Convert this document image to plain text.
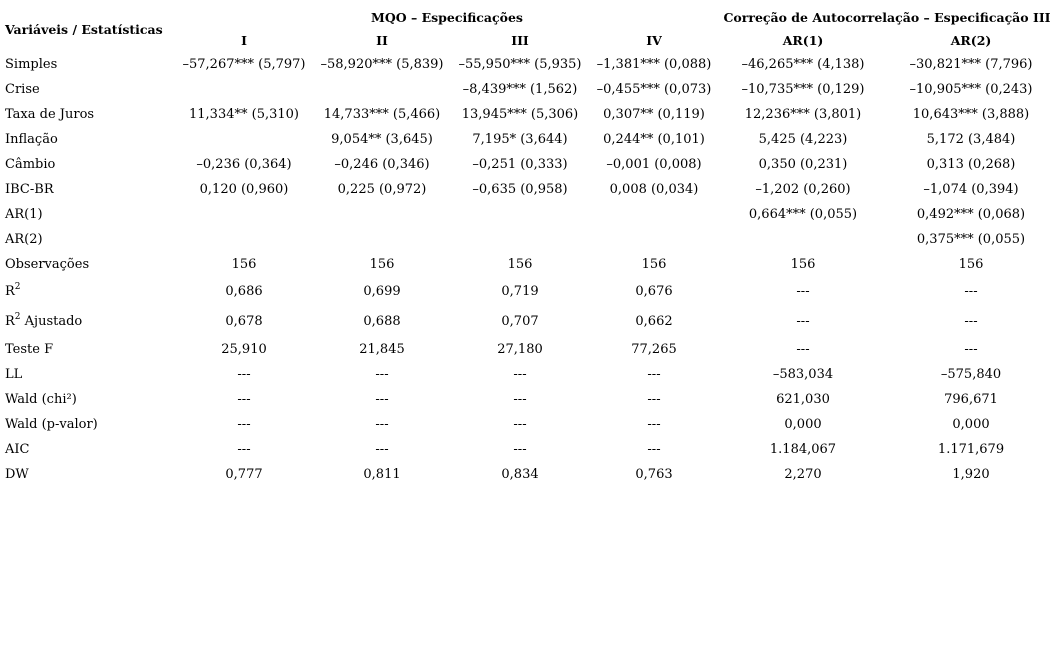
Variáveis / Estatísticas	MQO – Especificações				Correção de Autocorrelação – Especificação III	
	I	II	III	IV	AR(1)	AR(2)
Simples	–57,267*** (5,797)	–58,920*** (5,839)	–55,950*** (5,935)	–1,381*** (0,088)	–46,265*** (4,138)	–30,821*** (7,796)
Crise			–8,439*** (1,562)	–0,455*** (0,073)	–10,735*** (0,129)	–10,905*** (0,243)
Taxa de Juros	11,334** (5,310)	14,733*** (5,466)	13,945*** (5,306)	0,307** (0,119)	12,236*** (3,801)	10,643*** (3,888)
Inflação		9,054** (3,645)	7,195* (3,644)	0,244** (0,101)	5,425 (4,223)	5,172 (3,484)
Câmbio	–0,236 (0,364)	–0,246 (0,346)	–0,251 (0,333)	–0,001 (0,008)	0,350 (0,231)	0,313 (0,268)
IBC-BR	0,120 (0,960)	0,225 (0,972)	–0,635 (0,958)	0,008 (0,034)	–1,202 (0,260)	–1,074 (0,394)
AR(1)					0,664*** (0,055)	0,492*** (0,068)
AR(2)						0,375*** (0,055)
Observações	156	156	156	156	156	156
$R^2$	0,686	0,699	0,719	0,676	---	---
$R^2$ Ajustado	0,678	0,688	0,707	0,662	---	---
Teste F	25,910	21,845	27,180	77,265	---	---
LL	---	---	---	---	–583,034	–575,840
Wald (chi²)	---	---	---	---	621,030	796,671
Wald (p-valor)	---	---	---	---	0,000	0,000
AIC	---	---	---	---	1.184,067	1.171,679
DW	0,777	0,811	0,834	0,763	2,270	1,920
